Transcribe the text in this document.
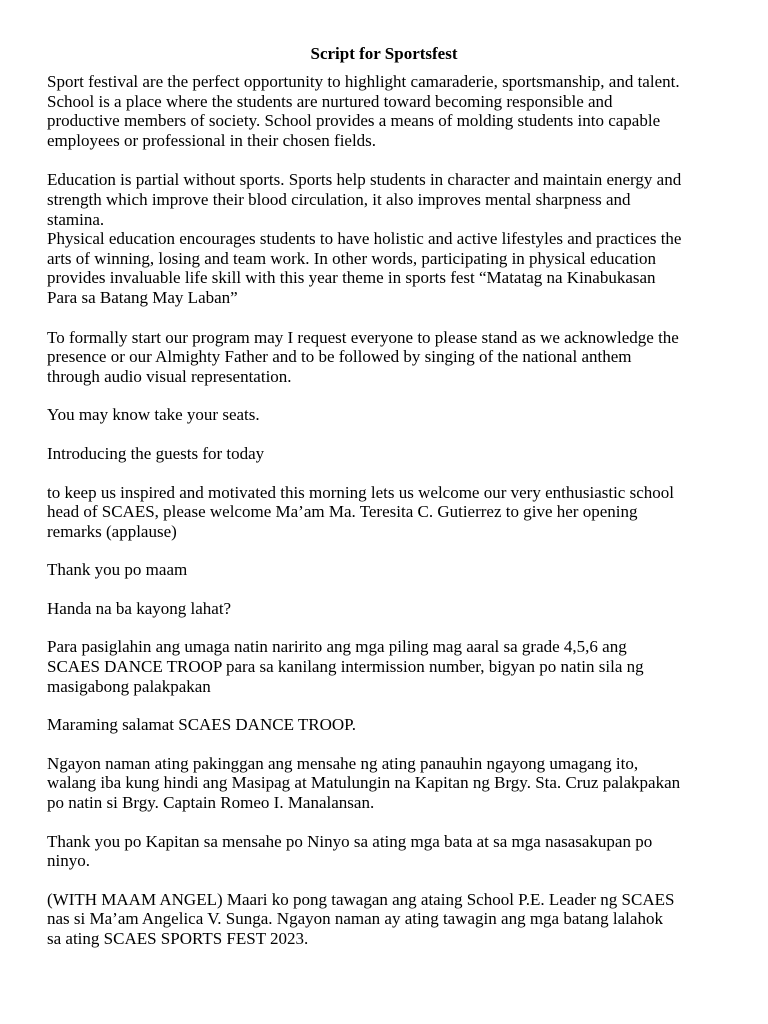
Script for Sportsfest

Sport festival are the perfect opportunity to highlight camaraderie, sportsmanship, and talent.
School is a place where the students are nurtured toward becoming responsible and
productive members of society. School provides a means of molding students into capable
employees or professional in their chosen fields.

Education is partial without sports. Sports help students in character and maintain energy and
strength which improve their blood circulation, it also improves mental sharpness and
stamina.

Physical education encourages students to have holistic and active lifestyles and practices the
arts of winning, losing and team work. In other words, participating in physical education
provides invaluable life skill with this year theme in sports fest “Matatag na Kinabukasan
Para sa Batang May Laban”

To formally start our program may I request everyone to please stand as we acknowledge the
presence or our Almighty Father and to be followed by singing of the national anthem
through audio visual representation.

You may know take your seats.

Introducing the guests for today

to keep us inspired and motivated this morning lets us welcome our very enthusiastic school
head of SCAES, please welcome Ma’am Ma. Teresita C. Gutierrez to give her opening
remarks (applause)

Thank you po maam

Handa na ba kayong lahat?

Para pasiglahin ang umaga natin naririto ang mga piling mag aaral sa grade 4,5,6 ang
SCAES DANCE TROOP para sa kanilang intermission number, bigyan po natin sila ng
masigabong palakpakan

Maraming salamat SCAES DANCE TROOP.

Ngayon naman ating pakinggan ang mensahe ng ating panauhin ngayong umagang ito,
walang iba kung hindi ang Masipag at Matulungin na Kapitan ng Brgy. Sta. Cruz palakpakan
po natin si Brgy. Captain Romeo I. Manalansan.

Thank you po Kapitan sa mensahe po Ninyo sa ating mga bata at sa mga nasasakupan po
ninyo.

(WITH MAAM ANGEL) Maari ko pong tawagan ang ataing School P.E. Leader ng SCAES
nas si Ma’am Angelica V. Sunga. Ngayon naman ay ating tawagin ang mga batang lalahok
sa ating SCAES SPORTS FEST 2023.
